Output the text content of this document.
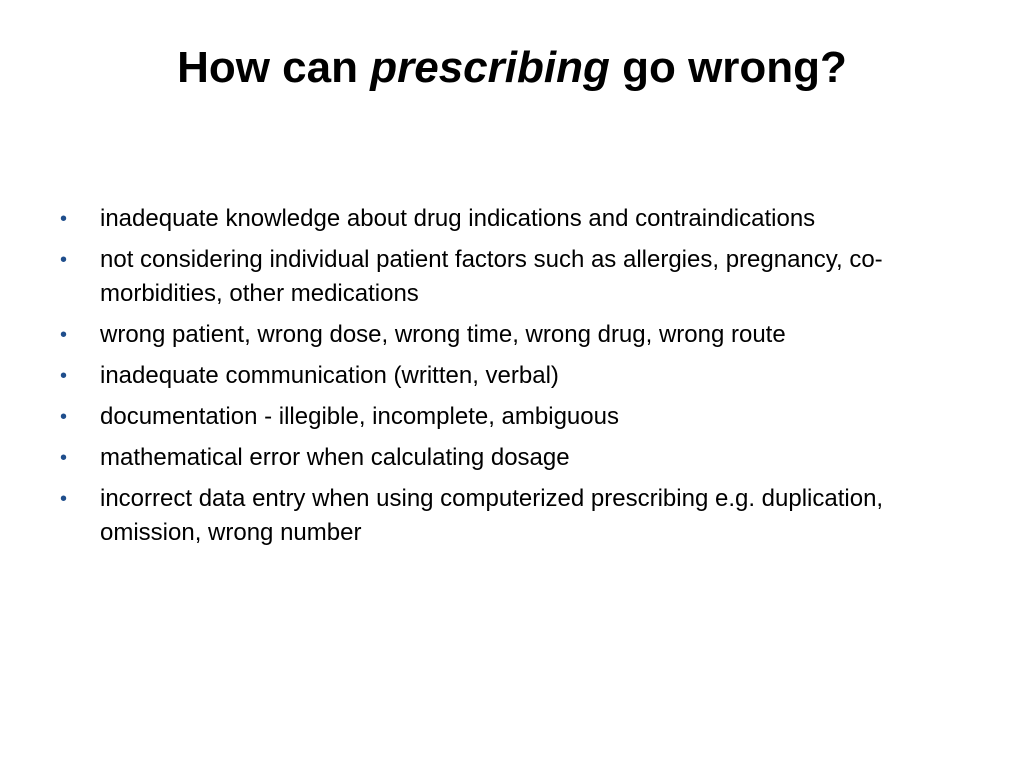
How can prescribing go wrong?
• inadequate knowledge about drug indications and contraindications
• not considering individual patient factors such as allergies, pregnancy, co-morbidities, other medications
• wrong patient, wrong dose, wrong time, wrong drug, wrong route
• inadequate communication (written, verbal)
• documentation - illegible, incomplete, ambiguous
• mathematical error when calculating dosage
• incorrect data entry when using computerized prescribing e.g. duplication, omission, wrong number
